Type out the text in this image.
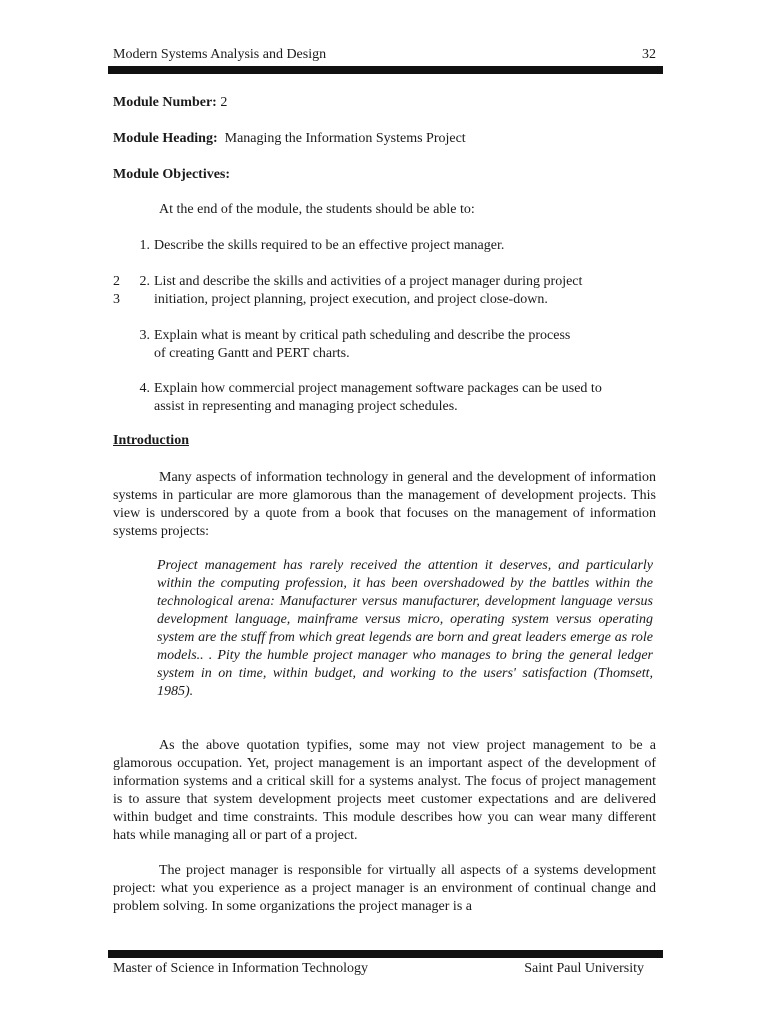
Modern Systems Analysis and Design	32
Module Number: 2
Module Heading: Managing the Information Systems Project
Module Objectives:
At the end of the module, the students should be able to:
1. Describe the skills required to be an effective project manager.
2
3
2. List and describe the skills and activities of a project manager during project
initiation, project planning, project execution, and project close-down.
3. Explain what is meant by critical path scheduling and describe the process
of creating Gantt and PERT charts.
4. Explain how commercial project management software packages can be used to
assist in representing and managing project schedules.
Introduction
Many aspects of information technology in general and the development of information systems in particular are more glamorous than the management of development projects. This view is underscored by a quote from a book that focuses on the management of information systems projects:
Project management has rarely received the attention it deserves, and particularly within the computing profession, it has been overshadowed by the battles within the technological arena: Manufacturer versus manufacturer, development language versus development language, mainframe versus micro, operating system versus operating system are the stuff from which great legends are born and great leaders emerge as role models.. . Pity the humble project manager who manages to bring the general ledger system in on time, within budget, and working to the users' satisfaction (Thomsett, 1985).
As the above quotation typifies, some may not view project management to be a glamorous occupation. Yet, project management is an important aspect of the development of information systems and a critical skill for a systems analyst. The focus of project management is to assure that system development projects meet customer expectations and are delivered within budget and time constraints. This module describes how you can wear many different hats while managing all or part of a project.
The project manager is responsible for virtually all aspects of a systems development project: what you experience as a project manager is an environment of continual change and problem solving. In some organizations the project manager is a
Master of Science in Information Technology	Saint Paul University
